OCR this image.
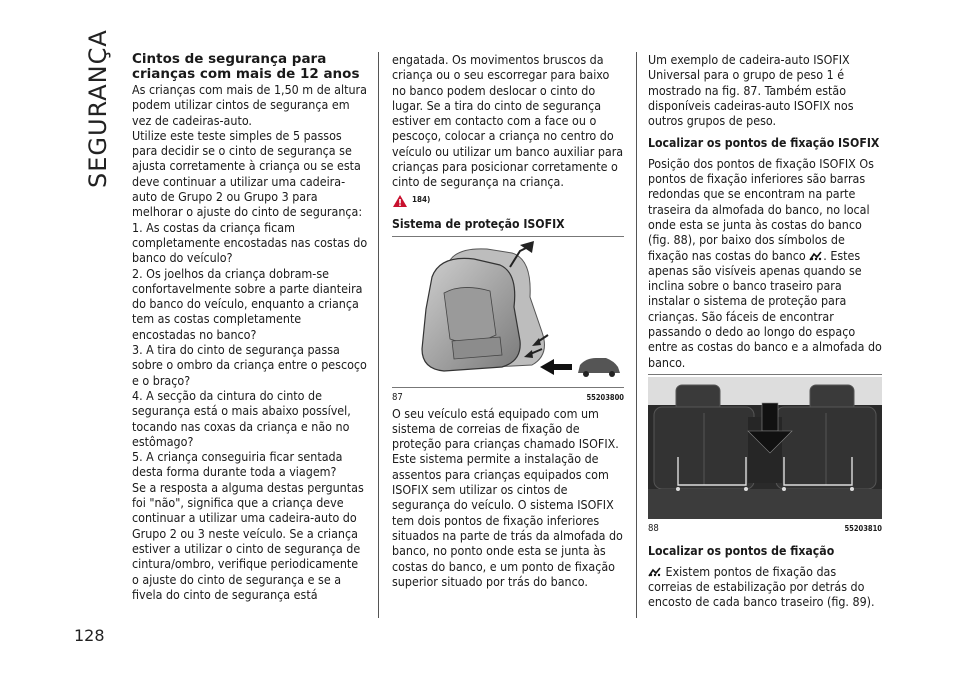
SEGURANÇA
128

Cintos de segurança para
crianças com mais de 12 anos

As crianças com mais de 1,50 m de altura podem utilizar cintos de segurança em vez de cadeiras-auto.

Utilize este teste simples de 5 passos para decidir se o cinto de segurança se ajusta corretamente à criança ou se esta deve continuar a utilizar uma cadeira-auto de Grupo 2 ou Grupo 3 para melhorar o ajuste do cinto de segurança:

1. As costas da criança ficam completamente encostadas nas costas do banco do veículo?

2. Os joelhos da criança dobram-se confortavelmente sobre a parte dianteira do banco do veículo, enquanto a criança tem as costas completamente encostadas no banco?

3. A tira do cinto de segurança passa sobre o ombro da criança entre o pescoço e o braço?

4. A secção da cintura do cinto de segurança está o mais abaixo possível, tocando nas coxas da criança e não no estômago?

5. A criança conseguiria ficar sentada desta forma durante toda a viagem?

Se a resposta a alguma destas perguntas foi "não", significa que a criança deve continuar a utilizar uma cadeira-auto do Grupo 2 ou 3 neste veículo. Se a criança estiver a utilizar o cinto de segurança de cintura/ombro, verifique periodicamente o ajuste do cinto de segurança e se a fivela do cinto de segurança está

engatada. Os movimentos bruscos da criança ou o seu escorregar para baixo no banco podem deslocar o cinto do lugar. Se a tira do cinto de segurança estiver em contacto com a face ou o pescoço, colocar a criança no centro do veículo ou utilizar um banco auxiliar para crianças para posicionar corretamente o cinto de segurança na criança.

184)

Sistema de proteção ISOFIX

87	55203800

O seu veículo está equipado com um sistema de correias de fixação de proteção para crianças chamado ISOFIX. Este sistema permite a instalação de assentos para crianças equipados com ISOFIX sem utilizar os cintos de segurança do veículo. O sistema ISOFIX tem dois pontos de fixação inferiores situados na parte de trás da almofada do banco, no ponto onde esta se junta às costas do banco, e um ponto de fixação superior situado por trás do banco.

Um exemplo de cadeira-auto ISOFIX Universal para o grupo de peso 1 é mostrado na fig. 87. Também estão disponíveis cadeiras-auto ISOFIX nos outros grupos de peso.

Localizar os pontos de fixação ISOFIX

Posição dos pontos de fixação ISOFIX Os pontos de fixação inferiores são barras redondas que se encontram na parte traseira da almofada do banco, no local onde esta se junta às costas do banco (fig. 88), por baixo dos símbolos de fixação nas costas do banco . Estes apenas são visíveis apenas quando se inclina sobre o banco traseiro para instalar o sistema de proteção para crianças. São fáceis de encontrar passando o dedo ao longo do espaço entre as costas do banco e a almofada do banco.

88	55203810

Localizar os pontos de fixação

Existem pontos de fixação das correias de estabilização por detrás do encosto de cada banco traseiro (fig. 89).
